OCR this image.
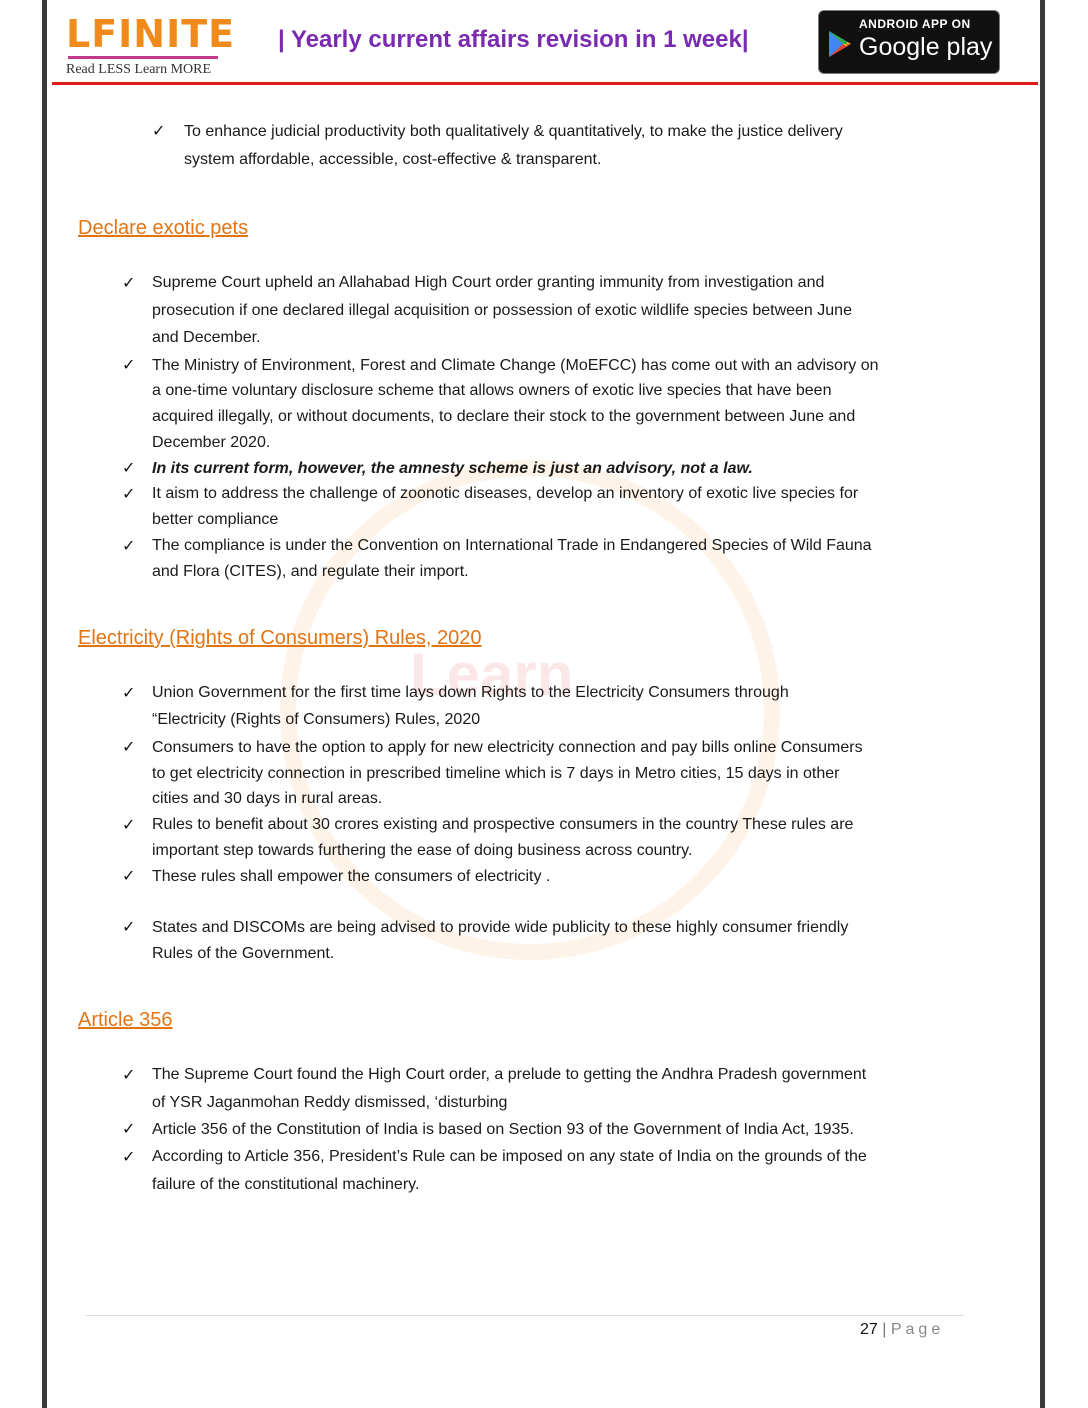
LFINITE
Read LESS Learn MORE
| Yearly current affairs revision in 1 week|
ANDROID APP ON
Google play
Learn
✓ To enhance judicial productivity both qualitatively & quantitatively, to make the justice delivery
system affordable, accessible, cost-effective & transparent.
Declare exotic pets
✓ Supreme Court upheld an Allahabad High Court order granting immunity from investigation and
prosecution if one declared illegal acquisition or possession of exotic wildlife species between June
and December.
✓ The Ministry of Environment, Forest and Climate Change (MoEFCC) has come out with an advisory on
a one-time voluntary disclosure scheme that allows owners of exotic live species that have been
acquired illegally, or without documents, to declare their stock to the government between June and
December 2020.
✓ In its current form, however, the amnesty scheme is just an advisory, not a law.
✓ It aism to address the challenge of zoonotic diseases, develop an inventory of exotic live species for
better compliance
✓ The compliance is under the Convention on International Trade in Endangered Species of Wild Fauna
and Flora (CITES), and regulate their import.
Electricity (Rights of Consumers) Rules, 2020
✓ Union Government for the first time lays down Rights to the Electricity Consumers through
“Electricity (Rights of Consumers) Rules, 2020
✓ Consumers to have the option to apply for new electricity connection and pay bills online Consumers
to get electricity connection in prescribed timeline which is 7 days in Metro cities, 15 days in other
cities and 30 days in rural areas.
✓ Rules to benefit about 30 crores existing and prospective consumers in the country These rules are
important step towards furthering the ease of doing business across country.
✓ These rules shall empower the consumers of electricity .
✓ States and DISCOMs are being advised to provide wide publicity to these highly consumer friendly
Rules of the Government.
Article 356
✓ The Supreme Court found the High Court order, a prelude to getting the Andhra Pradesh government
of YSR Jaganmohan Reddy dismissed, ‘disturbing
✓ Article 356 of the Constitution of India is based on Section 93 of the Government of India Act, 1935.
✓ According to Article 356, President’s Rule can be imposed on any state of India on the grounds of the
failure of the constitutional machinery.
27 | Page
